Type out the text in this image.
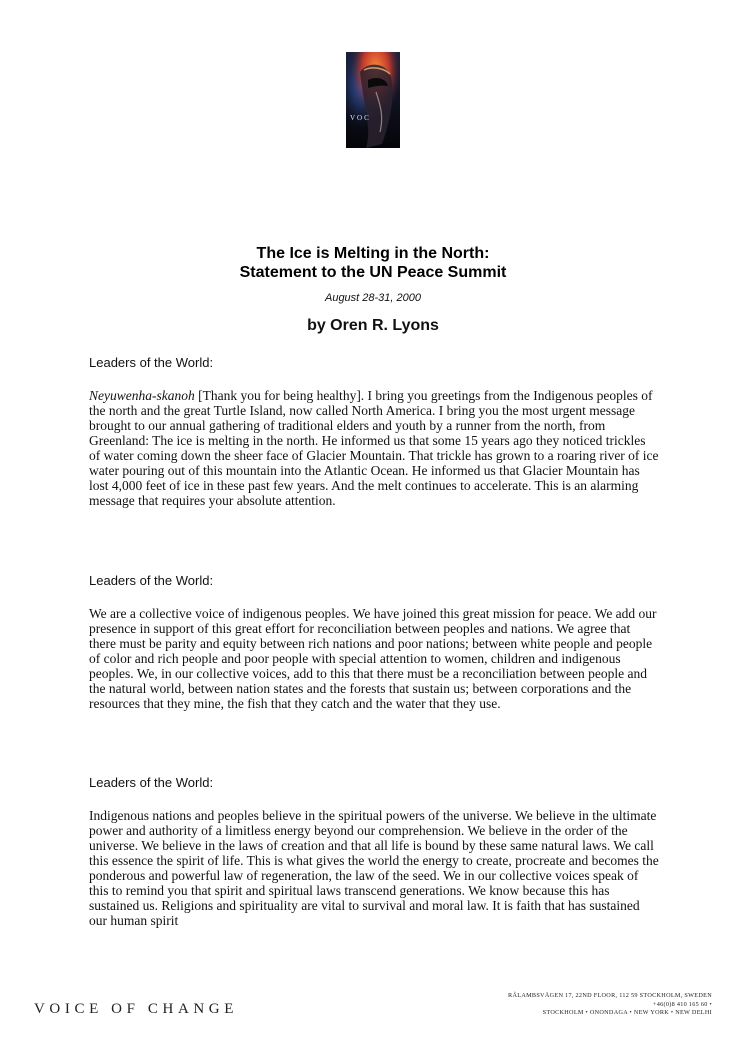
VOC
The Ice is Melting in the North:
Statement to the UN Peace Summit
August 28-31, 2000
by Oren R. Lyons
Leaders of the World:

Neyuwenha-skanoh [Thank you for being healthy]. I bring you greetings from the Indigenous peoples of the north and the great Turtle Island, now called North America. I bring you the most urgent message brought to our annual gathering of traditional elders and youth by a runner from the north, from Greenland: The ice is melting in the north. He informed us that some 15 years ago they noticed trickles of water coming down the sheer face of Glacier Mountain. That trickle has grown to a roaring river of ice water pouring out of this mountain into the Atlantic Ocean. He informed us that Glacier Mountain has lost 4,000 feet of ice in these past few years. And the melt continues to accelerate. This is an alarming message that requires your absolute attention.

Leaders of the World:

We are a collective voice of indigenous peoples. We have joined this great mission for peace. We add our presence in support of this great effort for reconciliation between peoples and nations. We agree that there must be parity and equity between rich nations and poor nations; between white people and people of color and rich people and poor people with special attention to women, children and indigenous peoples. We, in our collective voices, add to this that there must be a reconciliation between people and the natural world, between nation states and the forests that sustain us; between corporations and the resources that they mine, the fish that they catch and the water that they use.

Leaders of the World:

Indigenous nations and peoples believe in the spiritual powers of the universe. We believe in the ultimate power and authority of a limitless energy beyond our comprehension. We believe in the order of the universe. We believe in the laws of creation and that all life is bound by these same natural laws. We call this essence the spirit of life. This is what gives the world the energy to create, procreate and becomes the ponderous and powerful law of regeneration, the law of the seed. We in our collective voices speak of this to remind you that spirit and spiritual laws transcend generations. We know because this has sustained us. Religions and spirituality are vital to survival and moral law. It is faith that has sustained our human spirit

VOICE OF CHANGE
RÅLAMBSVÄGEN 17, 22ND FLOOR, 112 59 STOCKHOLM, SWEDEN
+46(0)8 410 165 60 •
STOCKHOLM • ONONDAGA • NEW YORK • NEW DELHI
